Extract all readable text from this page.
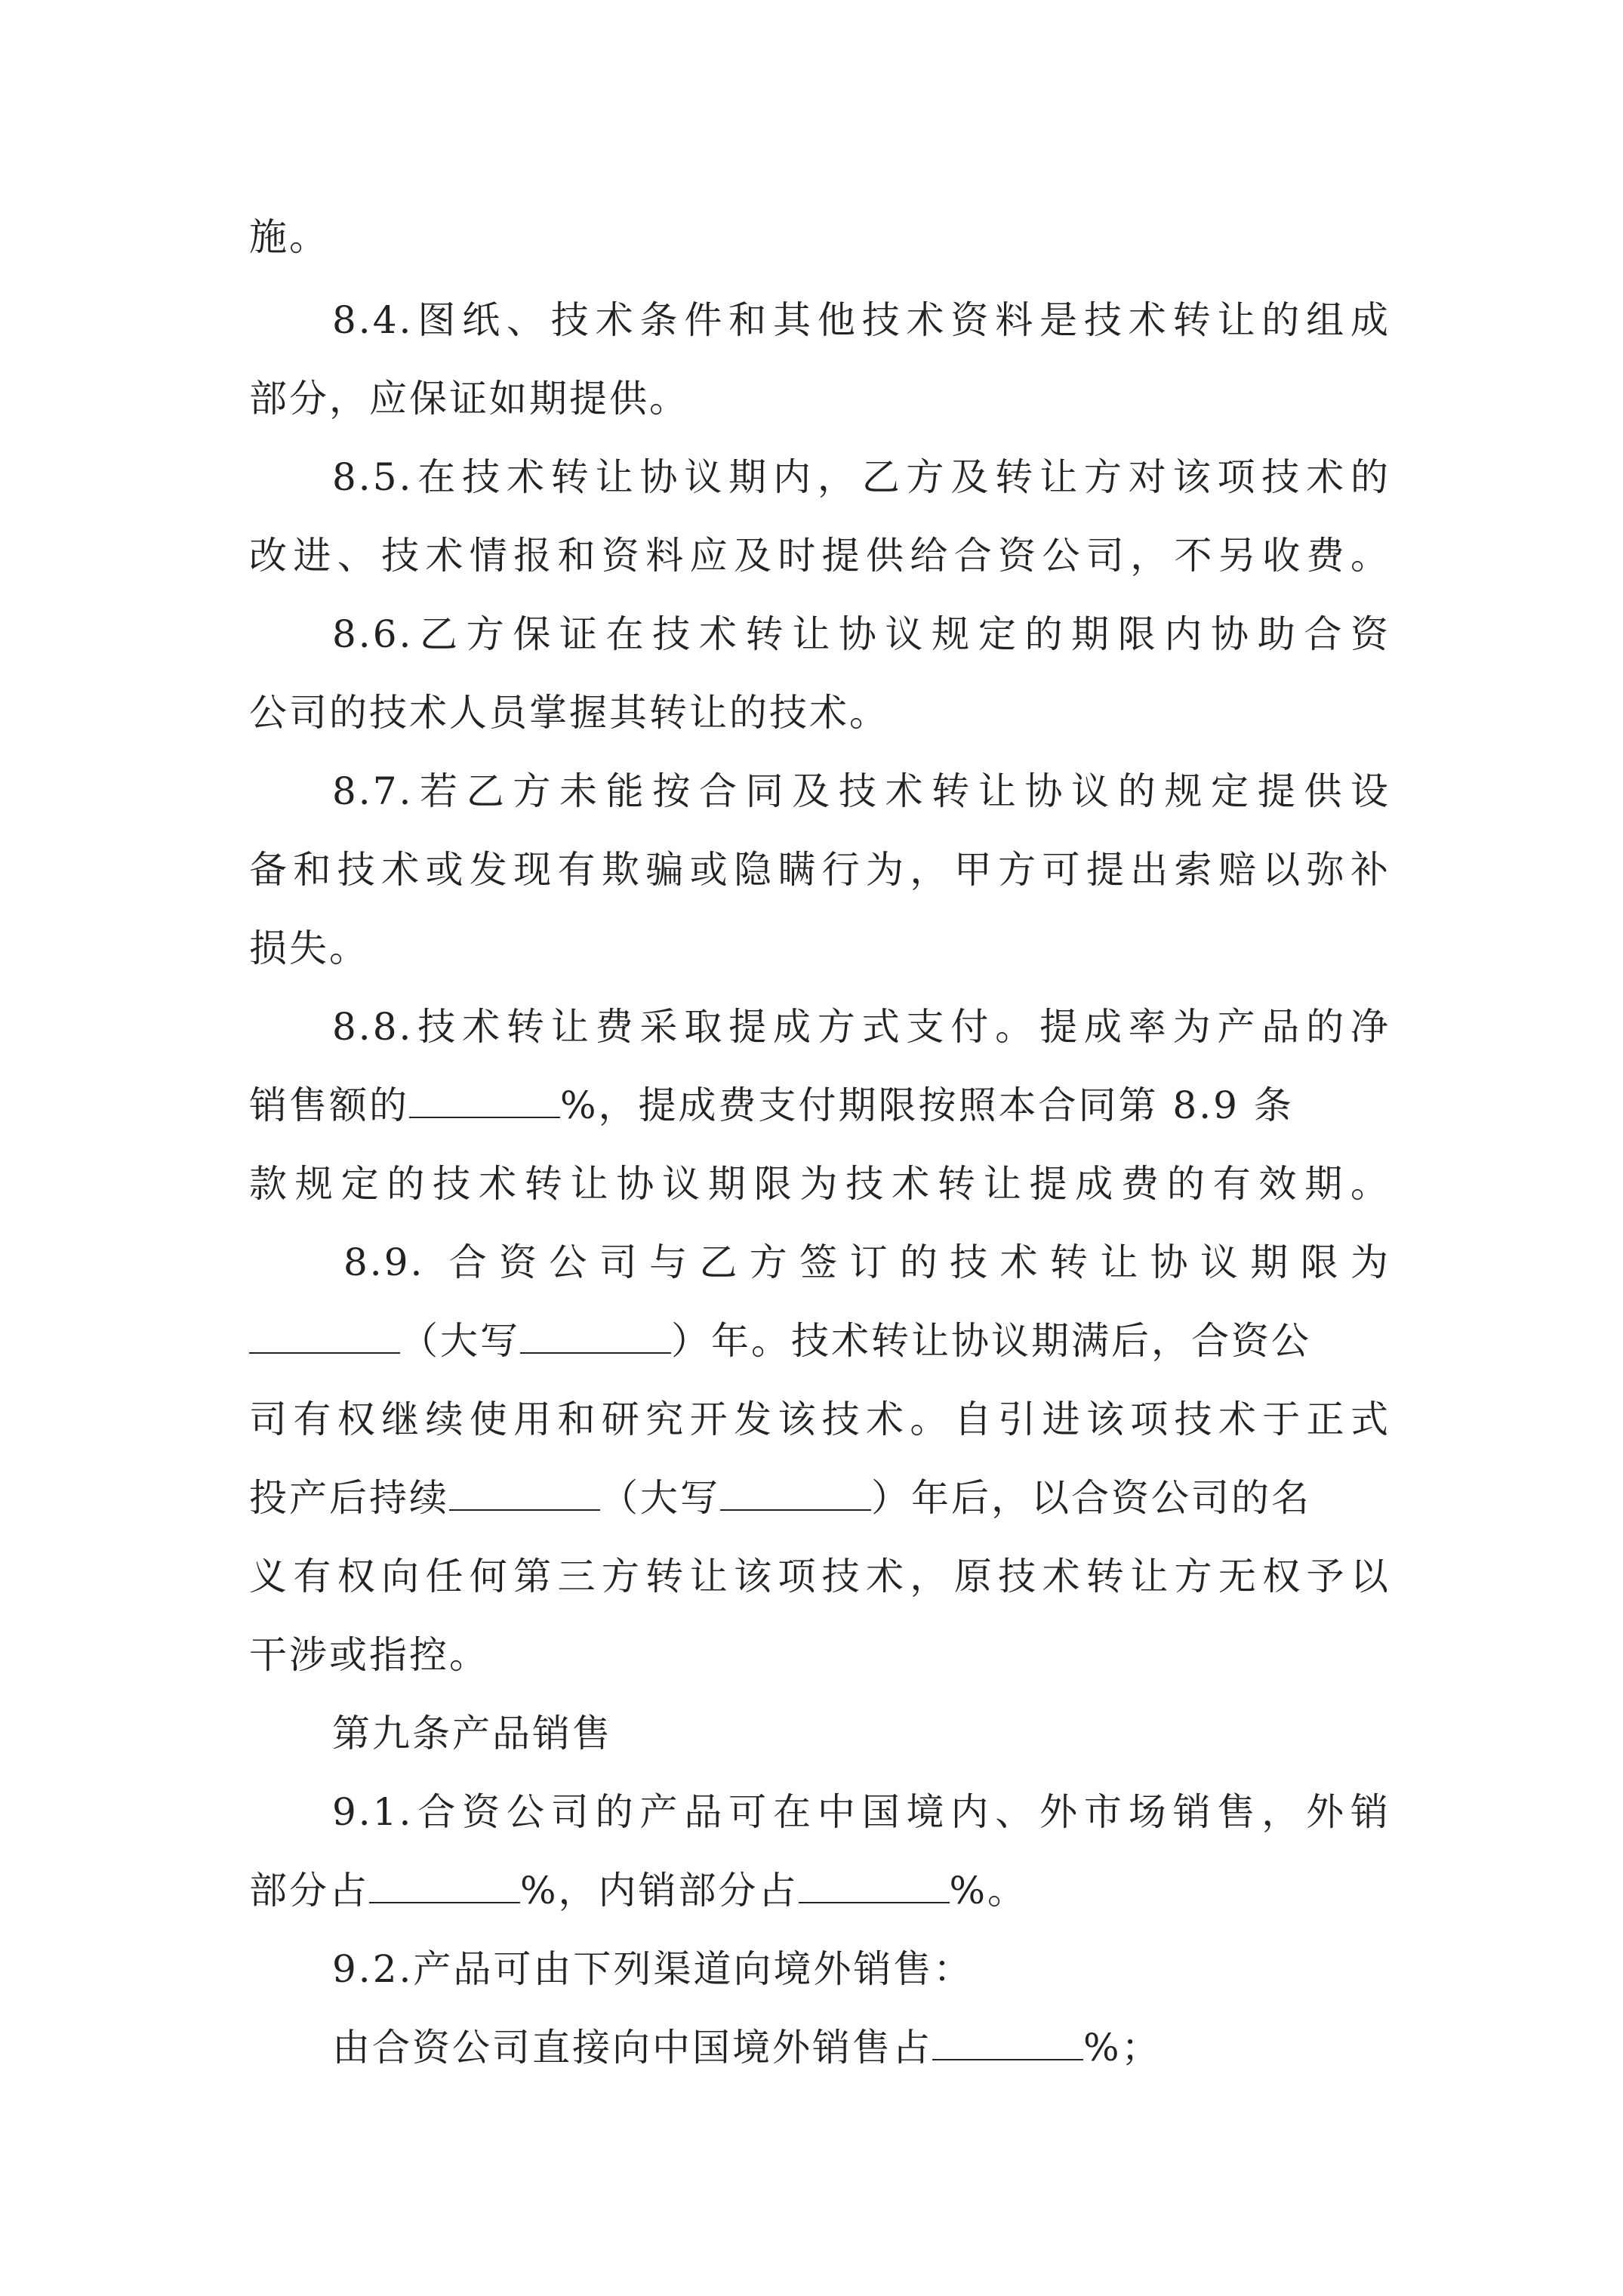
施。
8.4.图纸、技术条件和其他技术资料是技术转让的组成
部分，应保证如期提供。
8.5.在技术转让协议期内，乙方及转让方对该项技术的
改进、技术情报和资料应及时提供给合资公司，不另收费。
8.6.乙方保证在技术转让协议规定的期限内协助合资
公司的技术人员掌握其转让的技术。
8.7.若乙方未能按合同及技术转让协议的规定提供设
备和技术或发现有欺骗或隐瞒行为，甲方可提出索赔以弥补
损失。
8.8.技术转让费采取提成方式支付。提成率为产品的净
销售额的	%，提成费支付期限按照本合同第 8.9 条
款规定的技术转让协议期限为技术转让提成费的有效期。
8.9. 合资公司与乙方签订的技术转让协议期限为
（大写	）年。技术转让协议期满后，合资公
司有权继续使用和研究开发该技术。自引进该项技术于正式
投产后持续	（大写	）年后，以合资公司的名
义有权向任何第三方转让该项技术，原技术转让方无权予以
干涉或指控。
第九条产品销售
9.1.合资公司的产品可在中国境内、外市场销售，外销
部分占	%，内销部分占	%。
9.2.产品可由下列渠道向境外销售：
由合资公司直接向中国境外销售占	%；
